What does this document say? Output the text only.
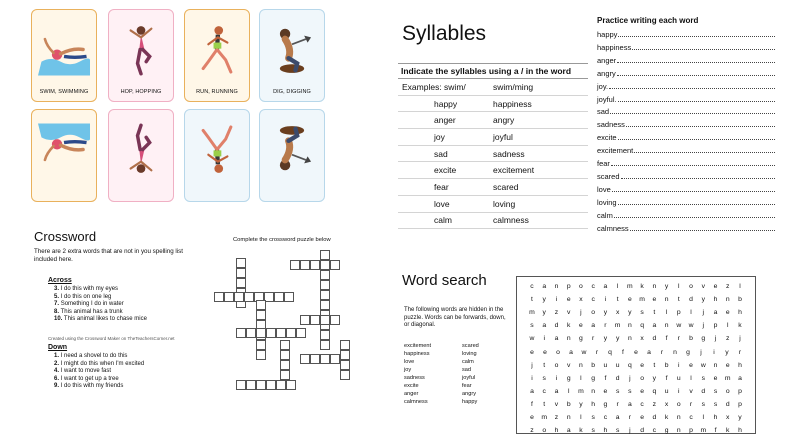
SWIM, SWIMMING	HOP, HOPPING	RUN, RUNNING	DIG, DIGGING
Syllables
Indicate the syllables using a / in the word
Examples: swim/	swim/ming
happy	happiness
anger	angry
joy	joyful
sad	sadness
excite	excitement
fear	scared
love	loving
calm	calmness
Practice writing each word
happy
happiness
anger
angry
joy.
joyful.
sad
sadness
excite
excitement
fear
scared
love
loving
calm
calmness
Crossword
There are 2 extra words that are not in you spelling list included here.
Complete the crossword puzzle below
Across
3. I do this with my eyes
5. I do this on one leg
7. Something I do in water
8. This animal has a trunk
10. This animal likes to chase mice
Created using the Crossword Maker on TheTeachersCorner.net
Down
1. I need a shovel to do this
2. I might do this when I'm excited
4. I want to move fast
6. I want to get up a tree
9. I do this with my friends
Word search
The following words are hidden in the puzzle. Words can be forwards, down, or diagonal.
excitement
happiness
love
joy
sadness
excite
anger
calmness
scared
loving
calm
sad
joyful
fear
angry
happy
c	a	n	p	o	c	a	l	m	k	n	y	l	o	v	e	z	l
t	y	i	e	x	c	i	t	e	m	e	n	t	d	y	h	n	b
m	y	z	v	j	o	y	x	y	s	t	l	p	l	j	a	e	h
s	a	d	k	e	a	r	m	n	q	a	n	w	w	j	p	l	k
w	i	a	n	g	r	y	y	n	x	d	f	r	b	g	j	z	j
e	e	o	a	w	r	q	f	e	a	r	n	g	j	i	y	r
j	t	o	v	n	b	u	u	q	e	t	b	i	e	w	n	e	h
i	s	i	g	l	g	f	d	j	o	y	f	u	l	s	e	m	a
a	c	a	l	m	n	e	s	s	e	q	u	i	v	d	s	o	p
f	t	v	b	y	h	g	r	a	c	z	x	o	r	s	s	d	p
e	m	z	n	l	s	c	a	r	e	d	k	n	c	l	h	x	y
z	o	h	a	k	s	h	s	j	d	c	g	n	p	m	f	k	h
